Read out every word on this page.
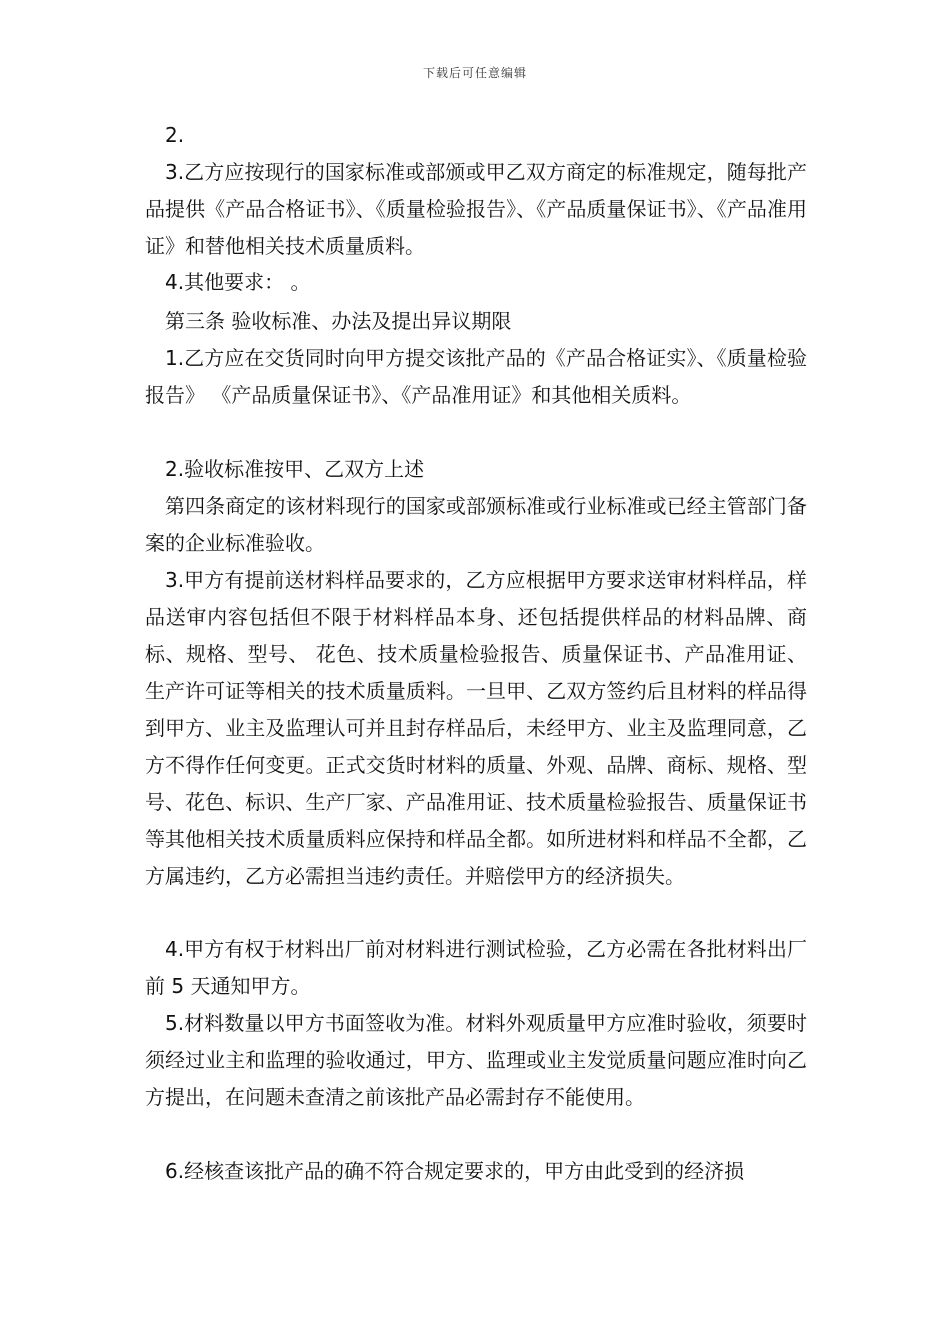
下载后可任意编辑
2.
3.乙方应按现行的国家标准或部颁或甲乙双方商定的标准规定，随每批产品提供《产品合格证书》、《质量检验报告》、《产品质量保证书》、《产品准用证》和替他相关技术质量质料。
4.其他要求： 。
第三条 验收标准、办法及提出异议期限
1.乙方应在交货同时向甲方提交该批产品的《产品合格证实》、《质量检验报告》 《产品质量保证书》、《产品准用证》和其他相关质料。
2.验收标准按甲、乙双方上述
第四条商定的该材料现行的国家或部颁标准或行业标准或已经主管部门备案的企业标准验收。
3.甲方有提前送材料样品要求的，乙方应根据甲方要求送审材料样品，样品送审内容包括但不限于材料样品本身、还包括提供样品的材料品牌、商标、规格、型号、 花色、技术质量检验报告、质量保证书、产品准用证、生产许可证等相关的技术质量质料。一旦甲、乙双方签约后且材料的样品得到甲方、业主及监理认可并且封存样品后，未经甲方、业主及监理同意，乙方不得作任何变更。正式交货时材料的质量、外观、品牌、商标、规格、型号、花色、标识、生产厂家、产品准用证、技术质量检验报告、质量保证书等其他相关技术质量质料应保持和样品全都。如所进材料和样品不全都，乙方属违约，乙方必需担当违约责任。并赔偿甲方的经济损失。
4.甲方有权于材料出厂前对材料进行测试检验，乙方必需在各批材料出厂前 5 天通知甲方。
5.材料数量以甲方书面签收为准。材料外观质量甲方应准时验收，须要时须经过业主和监理的验收通过，甲方、监理或业主发觉质量问题应准时向乙方提出，在问题未查清之前该批产品必需封存不能使用。
6.经核查该批产品的确不符合规定要求的，甲方由此受到的经济损
